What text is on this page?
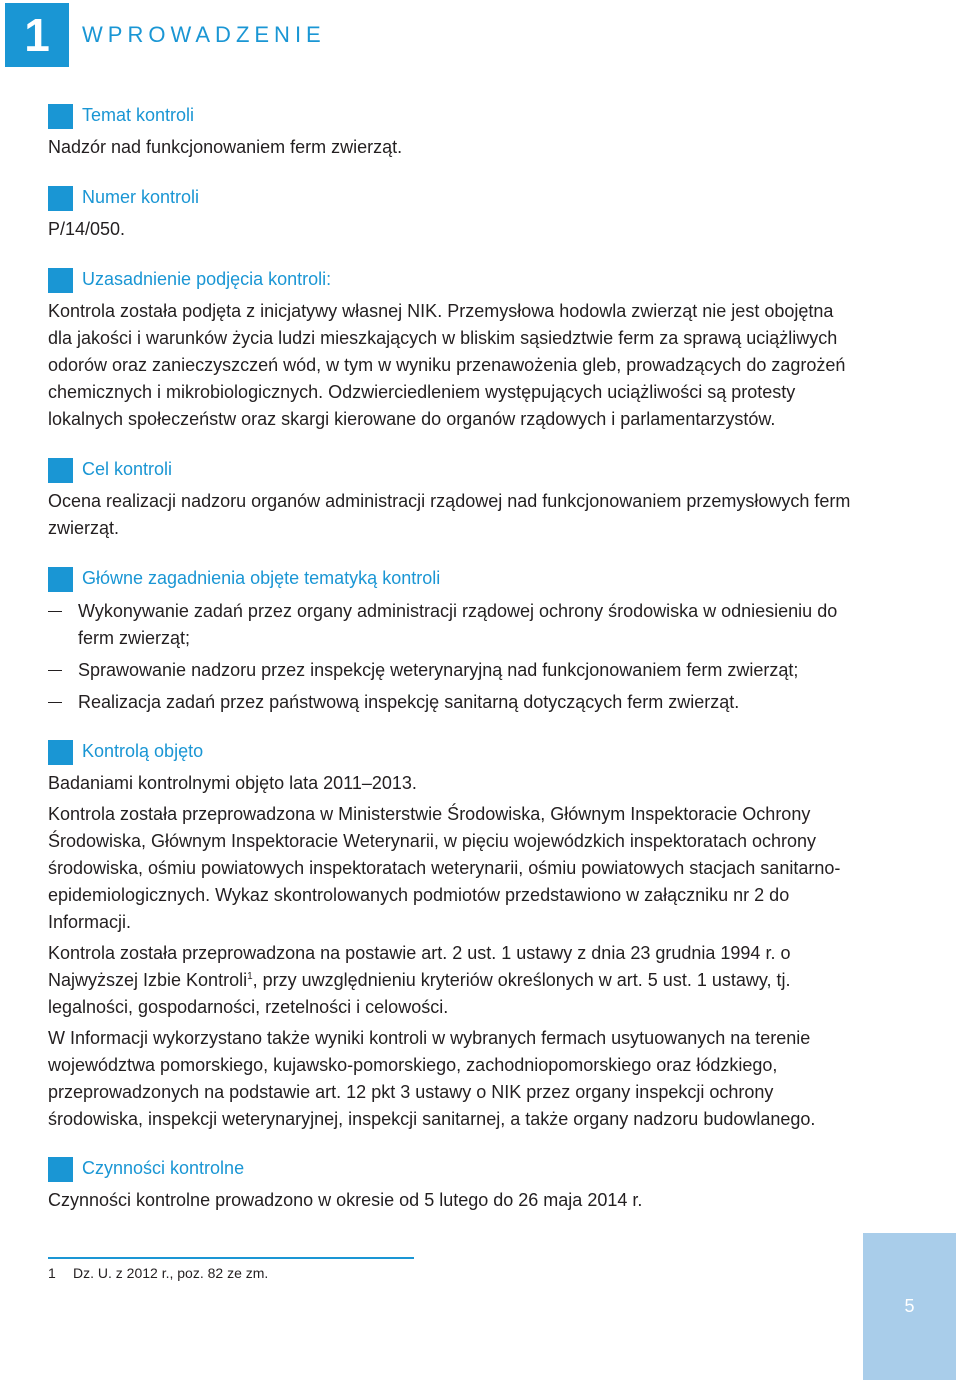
1	WPROWADZENIE
Temat kontroli

Nadzór nad funkcjonowaniem ferm zwierząt.

Numer kontroli

P/14/050.

Uzasadnienie podjęcia kontroli:

Kontrola została podjęta z inicjatywy własnej NIK. Przemysłowa hodowla zwierząt nie jest obojętna dla jakości i warunków życia ludzi mieszkających w bliskim sąsiedztwie ferm za sprawą uciążliwych odorów oraz zanieczyszczeń wód, w tym w wyniku przenawożenia gleb, prowadzących do zagrożeń chemicznych i mikrobiologicznych. Odzwierciedleniem występujących uciążliwości są protesty lokalnych społeczeństw oraz skargi kierowane do organów rządowych i parlamentarzystów.

Cel kontroli

Ocena realizacji nadzoru organów administracji rządowej nad funkcjonowaniem przemysłowych ferm zwierząt.

Główne zagadnienia objęte tematyką kontroli
Wykonywanie zadań przez organy administracji rządowej ochrony środowiska w odniesieniu do ferm zwierząt;
Sprawowanie nadzoru przez inspekcję weterynaryjną nad funkcjonowaniem ferm zwierząt;
Realizacja zadań przez państwową inspekcję sanitarną dotyczących ferm zwierząt.
Kontrolą objęto

Badaniami kontrolnymi objęto lata 2011–2013.

Kontrola została przeprowadzona w Ministerstwie Środowiska, Głównym Inspektoracie Ochrony Środowiska, Głównym Inspektoracie Weterynarii, w pięciu wojewódzkich inspektoratach ochrony środowiska, ośmiu powiatowych inspektoratach weterynarii, ośmiu powiatowych stacjach sanitarno-epidemiologicznych. Wykaz skontrolowanych podmiotów przedstawiono w załączniku nr 2 do Informacji.

Kontrola została przeprowadzona na postawie art. 2 ust. 1 ustawy z dnia 23 grudnia 1994 r. o Najwyższej Izbie Kontroli$^1$, przy uwzględnieniu kryteriów określonych w art. 5 ust. 1 ustawy, tj. legalności, gospodarności, rzetelności i celowości.

W Informacji wykorzystano także wyniki kontroli w wybranych fermach usytuowanych na terenie województwa pomorskiego, kujawsko-pomorskiego, zachodniopomorskiego oraz łódzkiego, przeprowadzonych na podstawie art. 12 pkt 3 ustawy o NIK przez organy inspekcji ochrony środowiska, inspekcji weterynaryjnej, inspekcji sanitarnej, a także organy nadzoru budowlanego.

Czynności kontrolne

Czynności kontrolne prowadzono w okresie od 5 lutego do 26 maja 2014 r.

1 Dz. U. z 2012 r., poz. 82 ze zm.
5
